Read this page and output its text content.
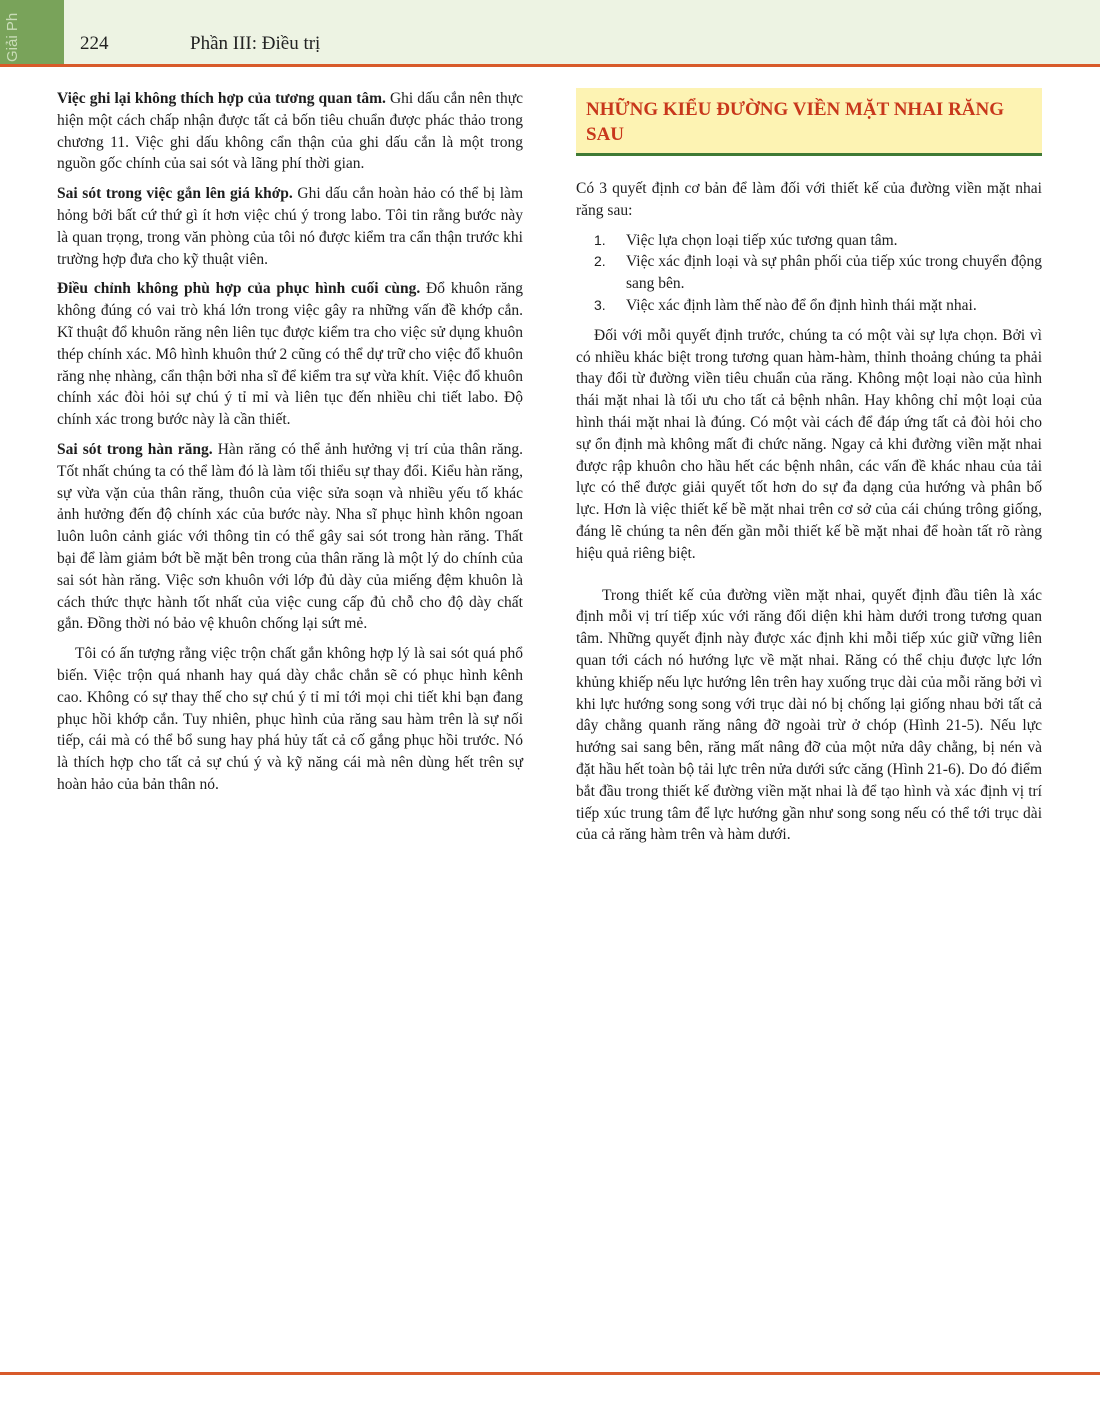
Giải Ph	224	Phần III: Điều trị

Việc ghi lại không thích hợp của tương quan tâm. Ghi dấu cắn nên thực hiện một cách chấp nhận được tất cả bốn tiêu chuẩn được phác thảo trong chương 11. Việc ghi dấu không cẩn thận của ghi dấu cắn là một trong nguồn gốc chính của sai sót và lãng phí thời gian.

Sai sót trong việc gắn lên giá khớp. Ghi dấu cắn hoàn hảo có thể bị làm hỏng bởi bất cứ thứ gì ít hơn việc chú ý trong labo. Tôi tin rằng bước này là quan trọng, trong văn phòng của tôi nó được kiểm tra cẩn thận trước khi trường hợp đưa cho kỹ thuật viên.

Điều chỉnh không phù hợp của phục hình cuối cùng. Đổ khuôn răng không đúng có vai trò khá lớn trong việc gây ra những vấn đề khớp cắn. Kĩ thuật đổ khuôn răng nên liên tục được kiểm tra cho việc sử dụng khuôn thép chính xác. Mô hình khuôn thứ 2 cũng có thể dự trữ cho việc đổ khuôn răng nhẹ nhàng, cẩn thận bởi nha sĩ để kiểm tra sự vừa khít. Việc đổ khuôn chính xác đòi hỏi sự chú ý tỉ mỉ và liên tục đến nhiều chi tiết labo. Độ chính xác trong bước này là cần thiết.

Sai sót trong hàn răng. Hàn răng có thể ảnh hưởng vị trí của thân răng. Tốt nhất chúng ta có thể làm đó là làm tối thiểu sự thay đổi. Kiểu hàn răng, sự vừa vặn của thân răng, thuôn của việc sửa soạn và nhiều yếu tố khác ảnh hưởng đến độ chính xác của bước này. Nha sĩ phục hình khôn ngoan luôn luôn cảnh giác với thông tin có thể gây sai sót trong hàn răng. Thất bại để làm giảm bớt bề mặt bên trong của thân răng là một lý do chính của sai sót hàn răng. Việc sơn khuôn với lớp đủ dày của miếng đệm khuôn là cách thức thực hành tốt nhất của việc cung cấp đủ chỗ cho độ dày chất gắn. Đồng thời nó bảo vệ khuôn chống lại sứt mẻ.

Tôi có ấn tượng rằng việc trộn chất gắn không hợp lý là sai sót quá phổ biến. Việc trộn quá nhanh hay quá dày chắc chắn sẽ có phục hình kênh cao. Không có sự thay thế cho sự chú ý tỉ mỉ tới mọi chi tiết khi bạn đang phục hồi khớp cắn. Tuy nhiên, phục hình của răng sau hàm trên là sự nối tiếp, cái mà có thể bổ sung hay phá hủy tất cả cố gắng phục hồi trước. Nó là thích hợp cho tất cả sự chú ý và kỹ năng cái mà nên dùng hết trên sự hoàn hảo của bản thân nó.

NHỮNG KIỂU ĐƯỜNG VIỀN MẶT NHAI RĂNG SAU

Có 3 quyết định cơ bản để làm đối với thiết kế của đường viền mặt nhai răng sau:

1. Việc lựa chọn loại tiếp xúc tương quan tâm.
2. Việc xác định loại và sự phân phối của tiếp xúc trong chuyển động sang bên.
3. Việc xác định làm thế nào để ổn định hình thái mặt nhai.

Đối với mỗi quyết định trước, chúng ta có một vài sự lựa chọn. Bởi vì có nhiều khác biệt trong tương quan hàm-hàm, thỉnh thoảng chúng ta phải thay đổi từ đường viền tiêu chuẩn của răng. Không một loại nào của hình thái mặt nhai là tối ưu cho tất cả bệnh nhân. Hay không chỉ một loại của hình thái mặt nhai là đúng. Có một vài cách để đáp ứng tất cả đòi hỏi cho sự ổn định mà không mất đi chức năng. Ngay cả khi đường viền mặt nhai được rập khuôn cho hầu hết các bệnh nhân, các vấn đề khác nhau của tải lực có thể được giải quyết tốt hơn do sự đa dạng của hướng và phân bố lực. Hơn là việc thiết kế bề mặt nhai trên cơ sở của cái chúng trông giống, đáng lẽ chúng ta nên đến gần mỗi thiết kế bề mặt nhai để hoàn tất rõ ràng hiệu quả riêng biệt.

Trong thiết kế của đường viền mặt nhai, quyết định đầu tiên là xác định mỗi vị trí tiếp xúc với răng đối diện khi hàm dưới trong tương quan tâm. Những quyết định này được xác định khi mỗi tiếp xúc giữ vững liên quan tới cách nó hướng lực về mặt nhai. Răng có thể chịu được lực lớn khủng khiếp nếu lực hướng lên trên hay xuống trục dài của mỗi răng bởi vì khi lực hướng song song với trục dài nó bị chống lại giống nhau bởi tất cả dây chằng quanh răng nâng đỡ ngoài trừ ở chóp (Hình 21-5). Nếu lực hướng sai sang bên, răng mất nâng đỡ của một nửa dây chằng, bị nén và đặt hầu hết toàn bộ tải lực trên nửa dưới sức căng (Hình 21-6). Do đó điểm bắt đầu trong thiết kế đường viền mặt nhai là để tạo hình và xác định vị trí tiếp xúc trung tâm để lực hướng gần như song song nếu có thể tới trục dài của cả răng hàm trên và hàm dưới.
